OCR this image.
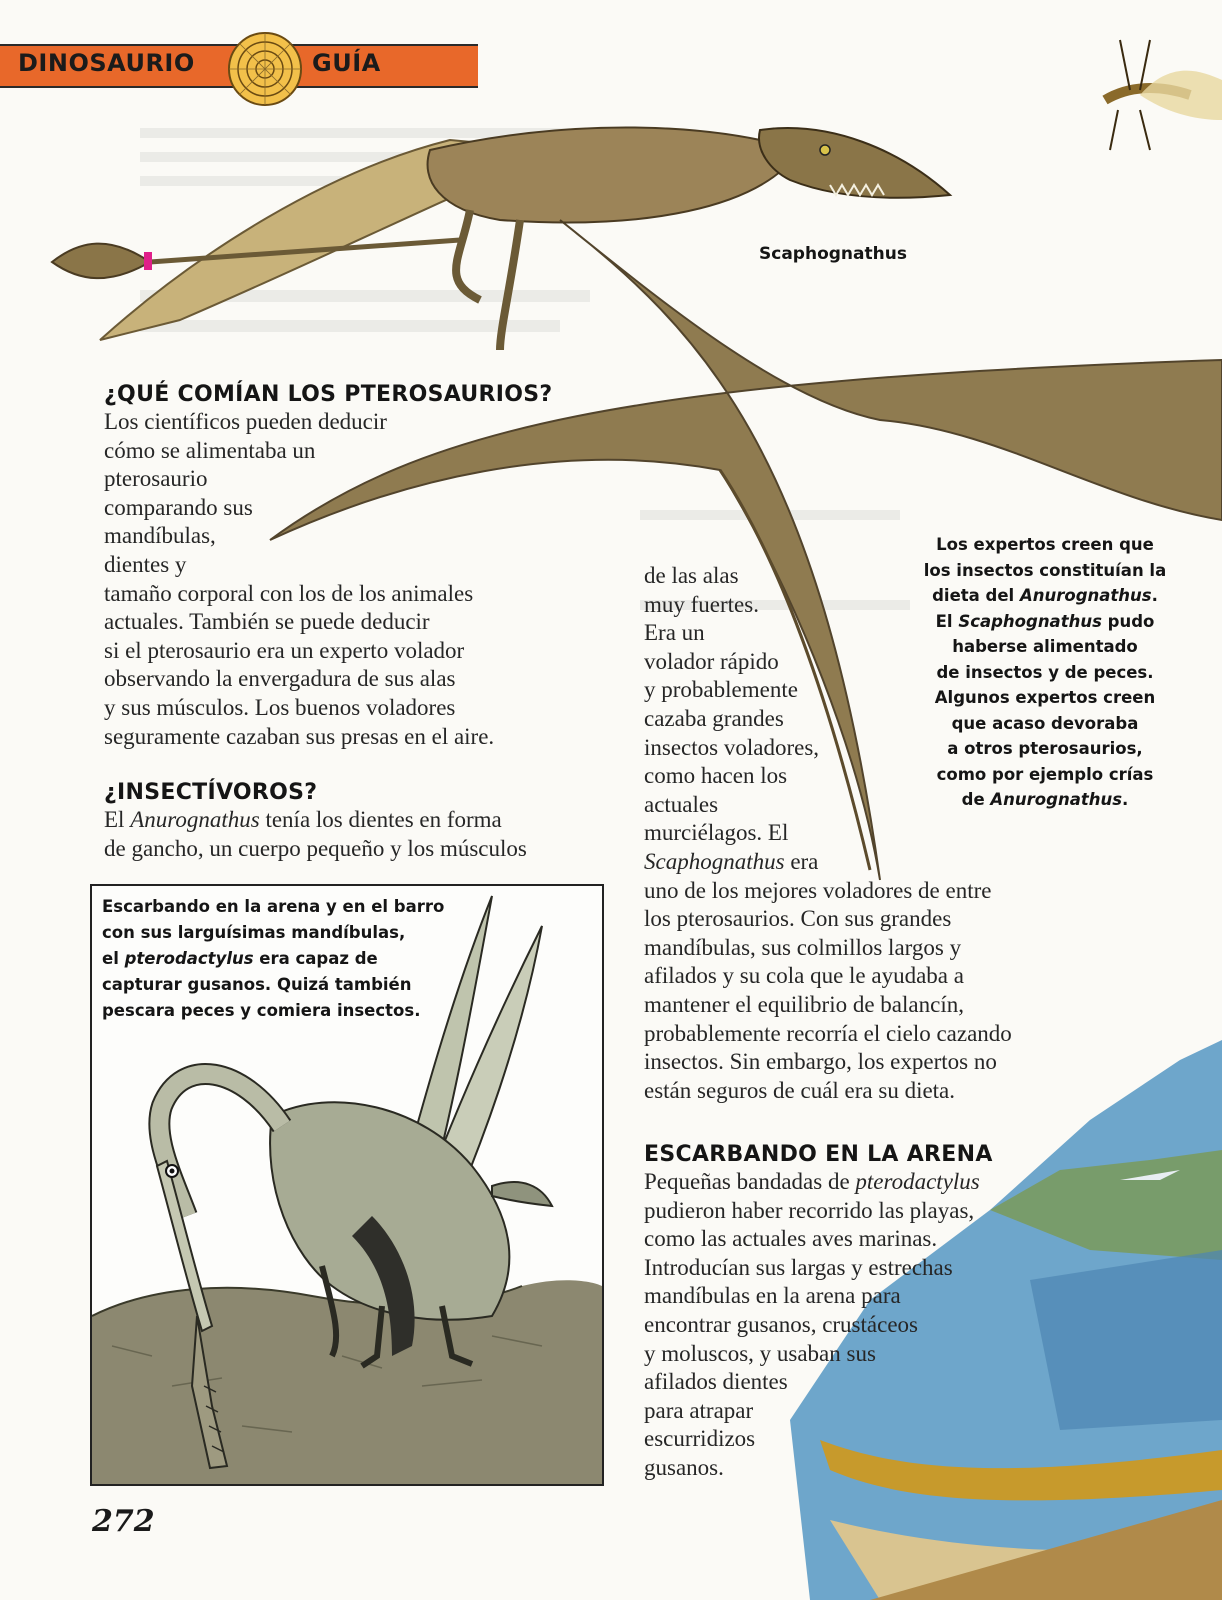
DINOSAURIO	GUÍA
Scaphognathus
¿QUÉ COMÍAN LOS PTEROSAURIOS?
Los científicos pueden deducir
cómo se alimentaba un
pterosaurio
comparando sus
mandíbulas,
dientes y
tamaño corporal con los de los animales
actuales. También se puede deducir
si el pterosaurio era un experto volador
observando la envergadura de sus alas
y sus músculos. Los buenos voladores
seguramente cazaban sus presas en el aire.
¿INSECTÍVOROS?
El Anurognathus tenía los dientes en forma
de gancho, un cuerpo pequeño y los músculos
de las alas
muy fuertes.
Era un
volador rápido
y probablemente
cazaba grandes
insectos voladores,
como hacen los
actuales
murciélagos. El
Scaphognathus era
uno de los mejores voladores de entre
los pterosaurios. Con sus grandes
mandíbulas, sus colmillos largos y
afilados y su cola que le ayudaba a
mantener el equilibrio de balancín,
probablemente recorría el cielo cazando
insectos. Sin embargo, los expertos no
están seguros de cuál era su dieta.
ESCARBANDO EN LA ARENA
Pequeñas bandadas de pterodactylus
pudieron haber recorrido las playas,
como las actuales aves marinas.
Introducían sus largas y estrechas
mandíbulas en la arena para
encontrar gusanos, crustáceos
y moluscos, y usaban sus
afilados dientes
para atrapar
escurridizos
gusanos.
Los expertos creen que
los insectos constituían la
dieta del Anurognathus.
El Scaphognathus pudo
haberse alimentado
de insectos y de peces.
Algunos expertos creen
que acaso devoraba
a otros pterosaurios,
como por ejemplo crías
de Anurognathus.
Escarbando en la arena y en el barro
con sus larguísimas mandíbulas,
el pterodactylus era capaz de
capturar gusanos. Quizá también
pescara peces y comiera insectos.
272
